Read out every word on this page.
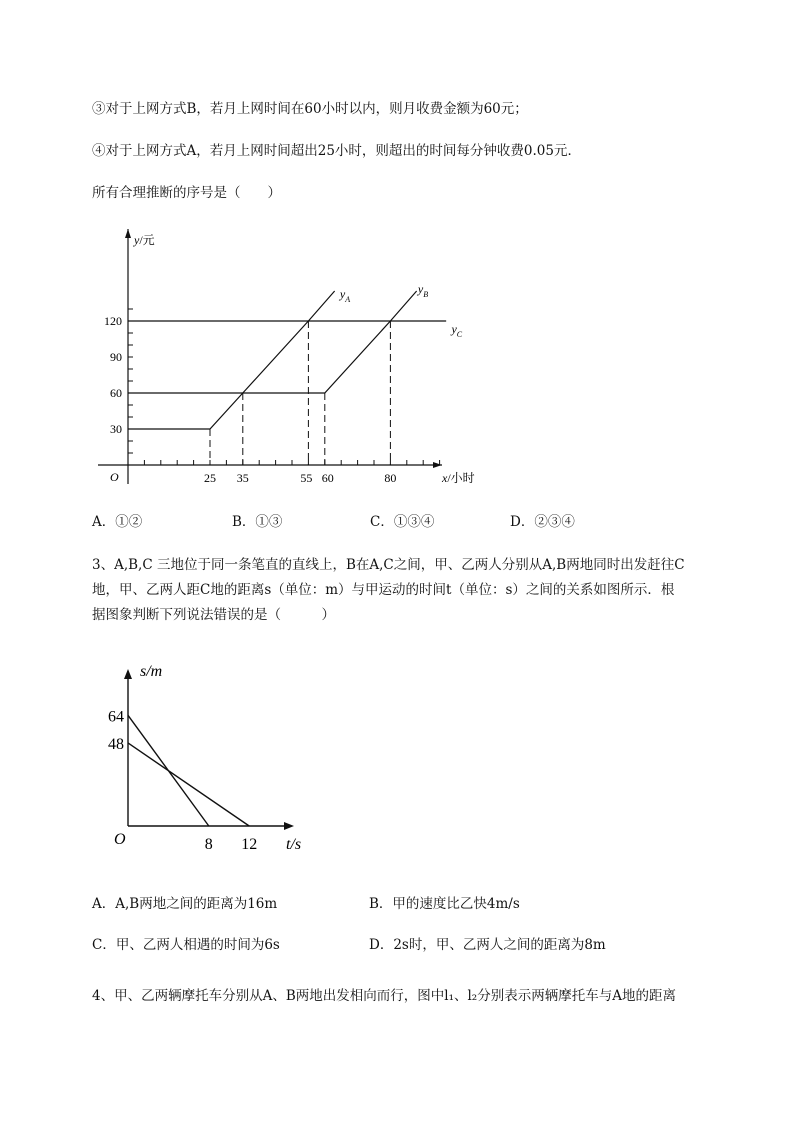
③对于上网方式B，若月上网时间在60小时以内，则月收费金额为60元；
④对于上网方式A，若月上网时间超出25小时，则超出的时间每分钟收费0.05元．
所有合理推断的序号是（　　）
y/元
x/小时
O
30
60
90
120
25 35	55 60	80
$y_A$
$y_B$
$y_C$
A．①②	B．①③	C．①③④	D．②③④
3、A,B,C 三地位于同一条笔直的直线上，B在A,C之间，甲、乙两人分别从A,B两地同时出发赶往C
地，甲、乙两人距C地的距离s（单位：m）与甲运动的时间t（单位：s）之间的关系如图所示．根
据图象判断下列说法错误的是（　　　）
s/m
t/s
O
64
48
8 12
A．A,B两地之间的距离为16m	B．甲的速度比乙快4m/s
C．甲、乙两人相遇的时间为6s	D．2s时，甲、乙两人之间的距离为8m
4、甲、乙两辆摩托车分别从A、B两地出发相向而行，图中l₁、l₂分别表示两辆摩托车与A地的距离
